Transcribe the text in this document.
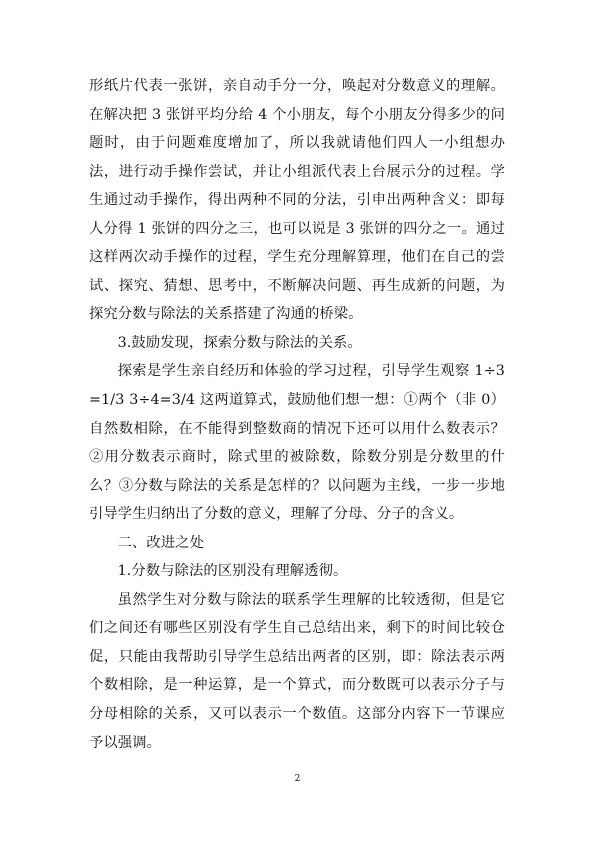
形纸片代表一张饼，亲自动手分一分，唤起对分数意义的理解。在解决把 3 张饼平均分给 4 个小朋友，每个小朋友分得多少的问题时，由于问题难度增加了，所以我就请他们四人一小组想办法，进行动手操作尝试，并让小组派代表上台展示分的过程。学生通过动手操作，得出两种不同的分法，引申出两种含义：即每人分得 1 张饼的四分之三，也可以说是 3 张饼的四分之一。通过这样两次动手操作的过程，学生充分理解算理，他们在自己的尝试、探究、猜想、思考中，不断解决问题、再生成新的问题，为探究分数与除法的关系搭建了沟通的桥梁。

3.鼓励发现，探索分数与除法的关系。

探索是学生亲自经历和体验的学习过程，引导学生观察 1÷3=1/3 3÷4=3/4 这两道算式，鼓励他们想一想：①两个（非 0）自然数相除，在不能得到整数商的情况下还可以用什么数表示？②用分数表示商时，除式里的被除数，除数分别是分数里的什么？③分数与除法的关系是怎样的？以问题为主线，一步一步地引导学生归纳出了分数的意义，理解了分母、分子的含义。

二、改进之处

1.分数与除法的区别没有理解透彻。

虽然学生对分数与除法的联系学生理解的比较透彻，但是它们之间还有哪些区别没有学生自己总结出来，剩下的时间比较仓促，只能由我帮助引导学生总结出两者的区别，即：除法表示两个数相除，是一种运算，是一个算式，而分数既可以表示分子与分母相除的关系，又可以表示一个数值。这部分内容下一节课应予以强调。

2
